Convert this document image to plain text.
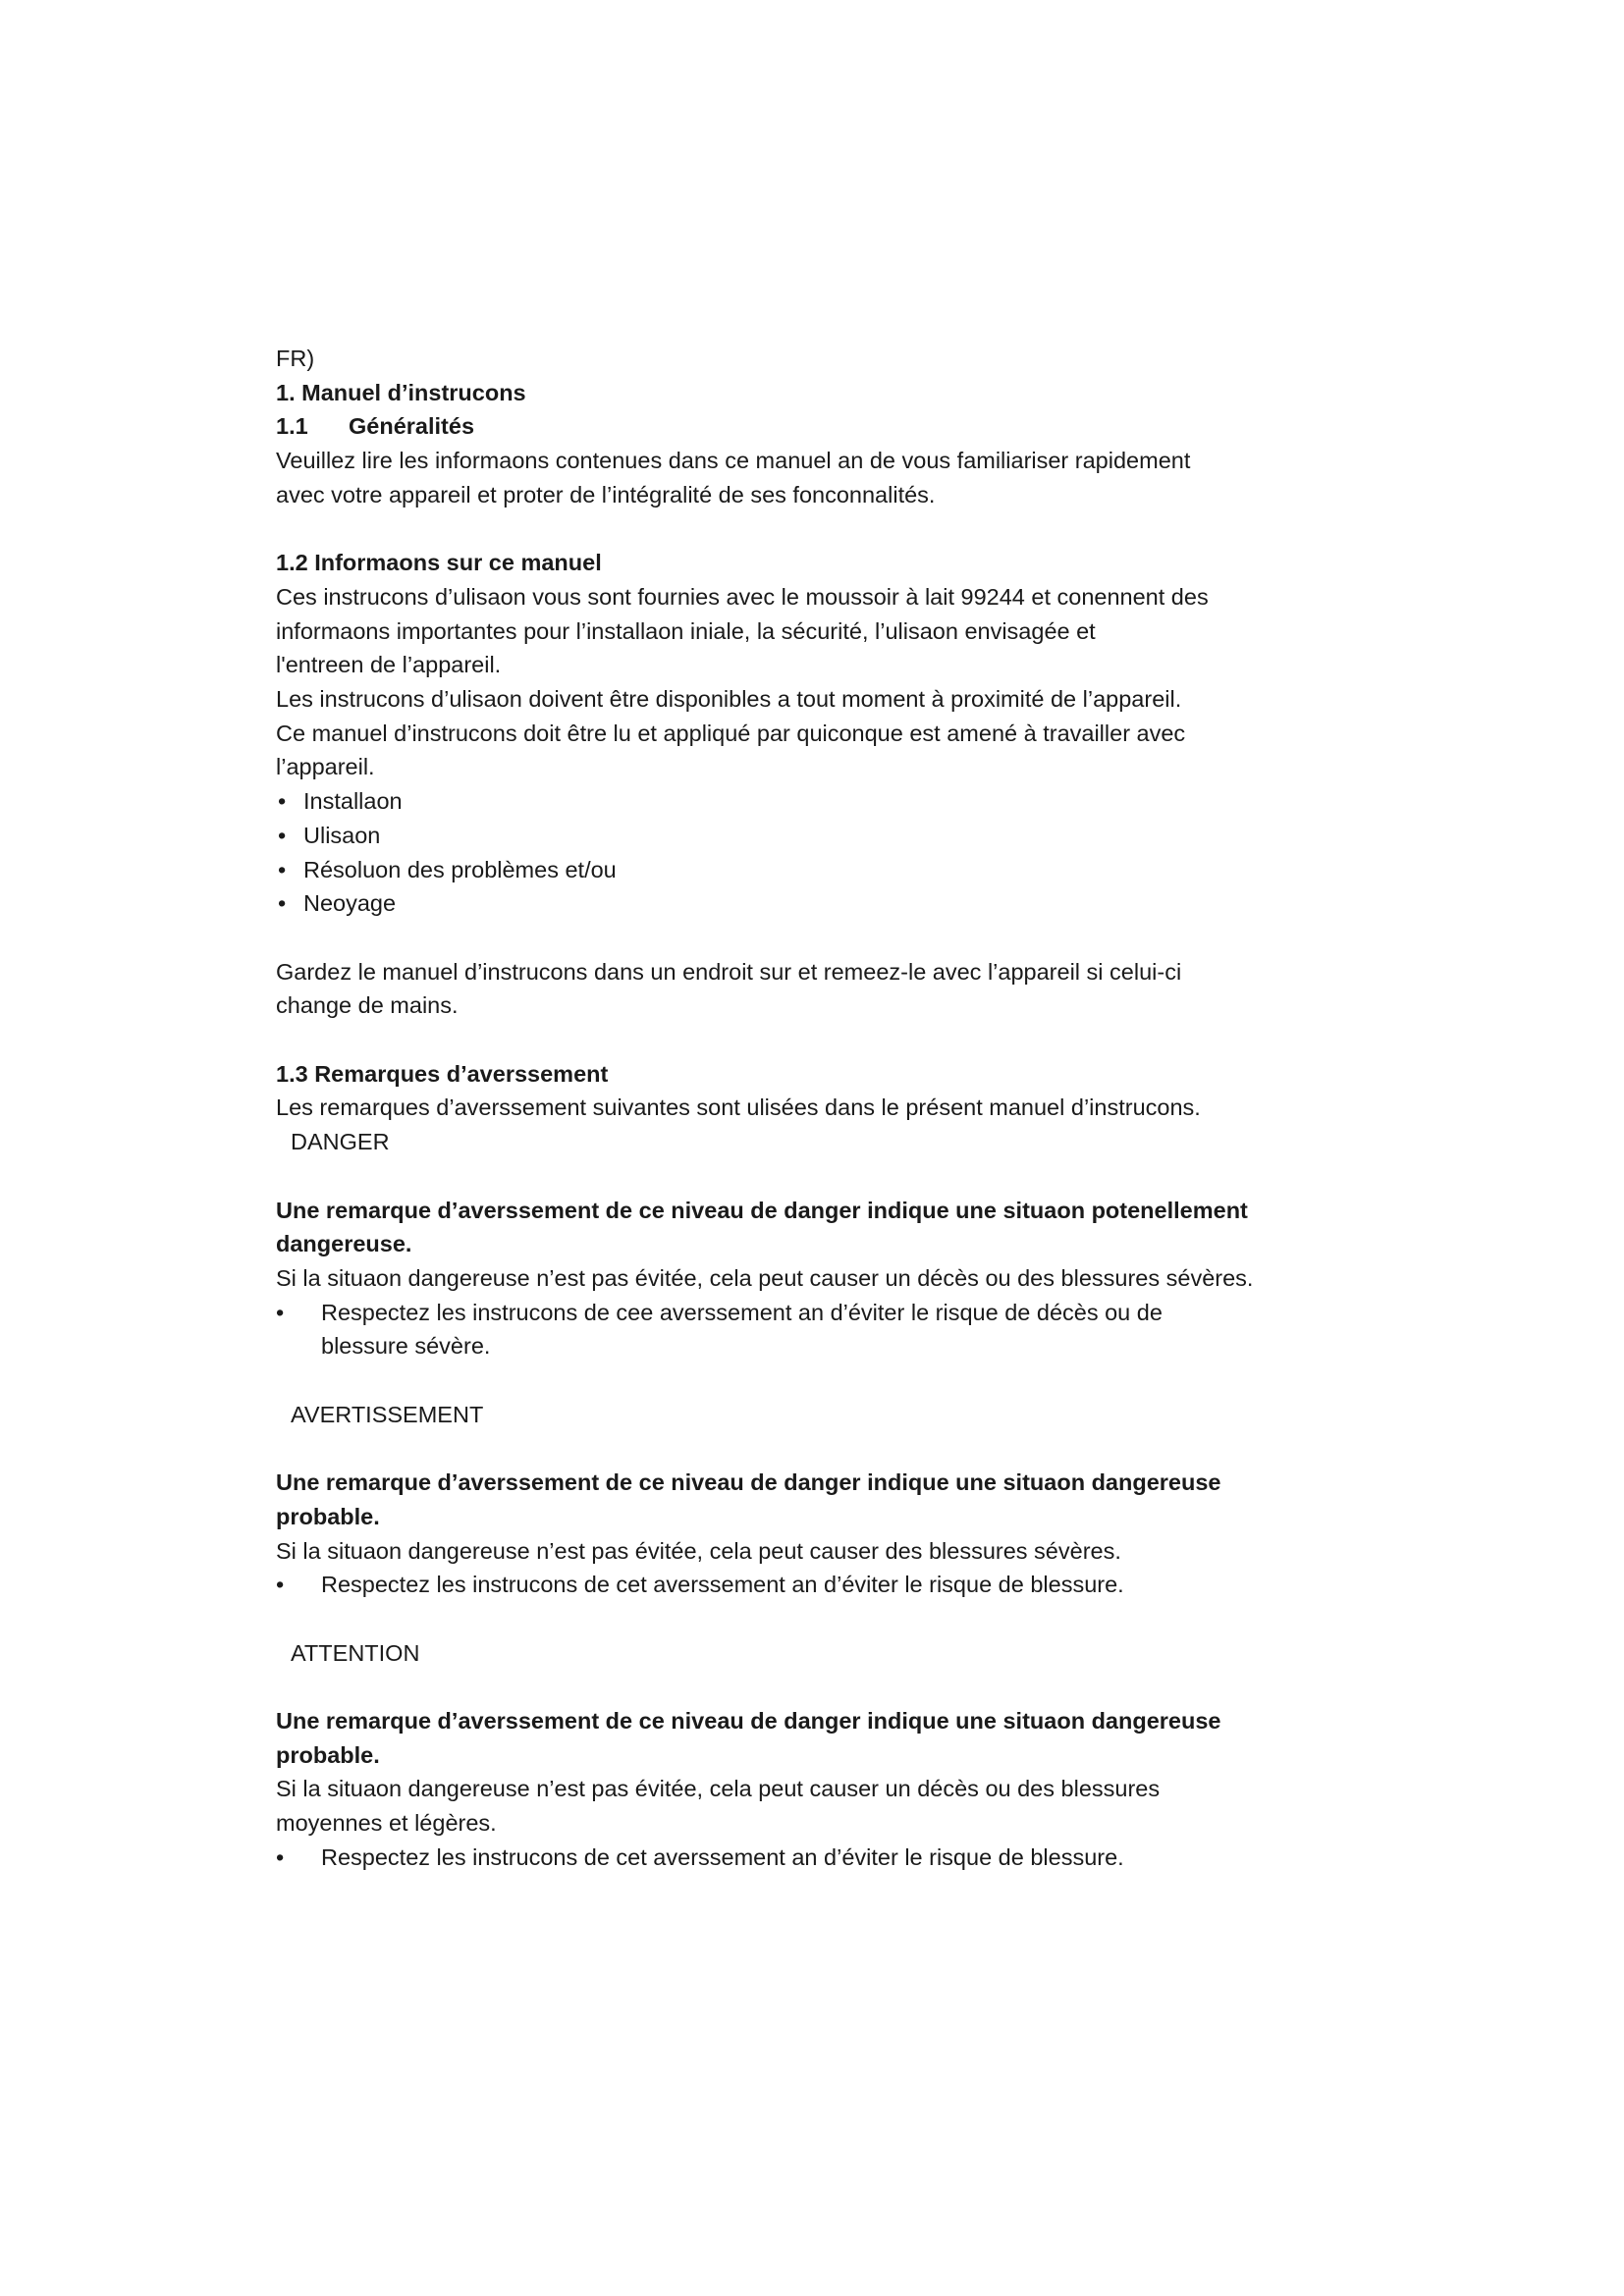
FR)
1. Manuel d’instrucons
1.1 Généralités
Veuillez lire les informaons contenues dans ce manuel an de vous familiariser rapidement
avec votre appareil et proter de l’intégralité de ses fonconnalités.
1.2 Informaons sur ce manuel
Ces instrucons d’ulisaon vous sont fournies avec le moussoir à lait 99244 et conennent des
informaons importantes pour l’installaon iniale, la sécurité, l’ulisaon envisagée et
l'entreen de l’appareil.
Les instrucons d’ulisaon doivent être disponibles a tout moment à proximité de l’appareil.
Ce manuel d’instrucons doit être lu et appliqué par quiconque est amené à travailler avec
l’appareil.
• Installaon
• Ulisaon
• Résoluon des problèmes et/ou
• Neoyage
Gardez le manuel d’instrucons dans un endroit sur et remeez-le avec l’appareil si celui-ci
change de mains.
1.3 Remarques d’averssement
Les remarques d’averssement suivantes sont ulisées dans le présent manuel d’instrucons.
DANGER
Une remarque d’averssement de ce niveau de danger indique une situaon potenellement
dangereuse.
Si la situaon dangereuse n’est pas évitée, cela peut causer un décès ou des blessures sévères.
• Respectez les instrucons de cee averssement an d’éviter le risque de décès ou de
blessure sévère.
AVERTISSEMENT
Une remarque d’averssement de ce niveau de danger indique une situaon dangereuse
probable.
Si la situaon dangereuse n’est pas évitée, cela peut causer des blessures sévères.
• Respectez les instrucons de cet averssement an d’éviter le risque de blessure.
ATTENTION
Une remarque d’averssement de ce niveau de danger indique une situaon dangereuse
probable.
Si la situaon dangereuse n’est pas évitée, cela peut causer un décès ou des blessures
moyennes et légères.
• Respectez les instrucons de cet averssement an d’éviter le risque de blessure.
